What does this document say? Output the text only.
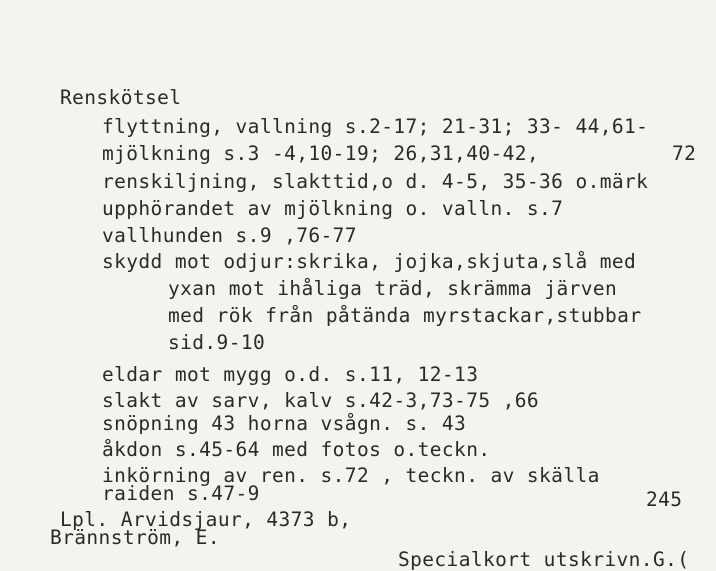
Renskötsel
flyttning, vallning s.2-17; 21-31; 33- 44,61-
mjölkning s.3 -4,10-19; 26,31,40-42,	72
renskiljning, slakttid,o d. 4-5, 35-36 o.märk
upphörandet av mjölkning o. valln. s.7
vallhunden s.9 ,76-77
skydd mot odjur:skrika, jojka,skjuta,slå med
yxan mot ihåliga träd, skrämma järven
med rök från påtända myrstackar,stubbar
sid.9-10
eldar mot mygg o.d. s.11, 12-13
slakt av sarv, kalv s.42-3,73-75 ,66
snöpning 43 horna vsågn. s. 43
åkdon s.45-64 med fotos o.teckn.
inkörning av ren. s.72 , teckn. av skälla
raiden s.47-9	245
Lpl. Arvidsjaur, 4373 b,
Brännström, E.
Specialkort utskrivn.G.(
